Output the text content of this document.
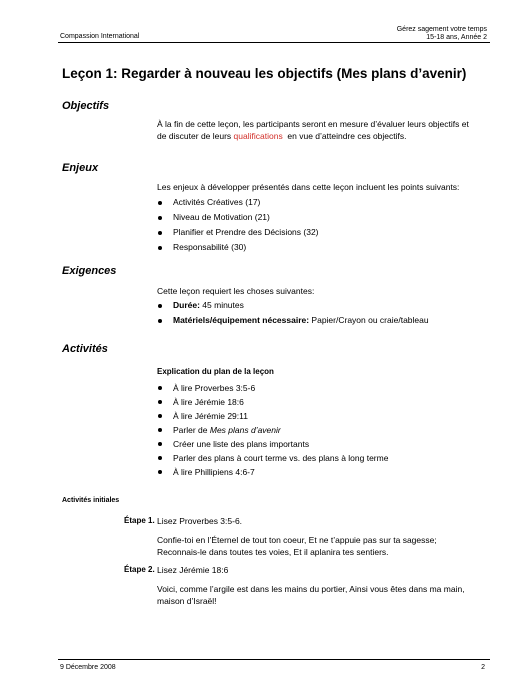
Compassion International
Gérez sagement votre temps
15-18 ans, Année 2
Leçon 1: Regarder à nouveau les objectifs (Mes plans d’avenir)
Objectifs
À la fin de cette leçon, les participants seront en mesure d’évaluer leurs objectifs et
de discuter de leurs qualifications  en vue d’atteindre ces objectifs.
Enjeux
Les enjeux à développer présentés dans cette leçon incluent les points suivants:
Activités Créatives (17)
Niveau de Motivation (21)
Planifier et Prendre des Décisions (32)
Responsabilité (30)
Exigences
Cette leçon requiert les choses suivantes:
Durée: 45 minutes
Matériels/équipement nécessaire: Papier/Crayon ou craie/tableau
Activités
Explication du plan de la leçon
À lire Proverbes 3:5-6
À lire Jérémie 18:6
À lire Jérémie 29:11
Parler de Mes plans d’avenir
Créer une liste des plans importants
Parler des plans à court terme vs. des plans à long terme
À lire Phillipiens 4:6-7
Activités initiales
Étape 1. Lisez Proverbes 3:5-6.
Confie-toi en l’Éternel de tout ton coeur, Et ne t’appuie pas sur ta sagesse;
Reconnais-le dans toutes tes voies, Et il aplanira tes sentiers.
Étape 2. Lisez Jérémie 18:6
Voici, comme l’argile est dans les mains du portier, Ainsi vous êtes dans ma main,
maison d’Israël!
9 Décembre 2008	2
